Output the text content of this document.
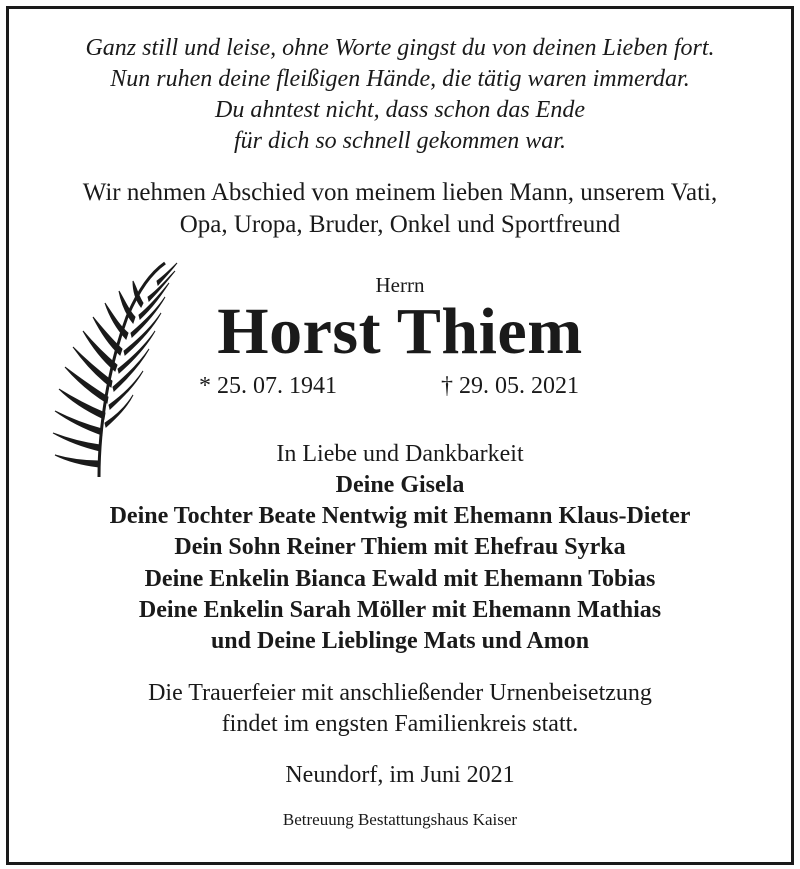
Ganz still und leise, ohne Worte gingst du von deinen Lieben fort.
Nun ruhen deine fleißigen Hände, die tätig waren immerdar.
Du ahntest nicht, dass schon das Ende
für dich so schnell gekommen war.
Wir nehmen Abschied von meinem lieben Mann, unserem Vati,
Opa, Uropa, Bruder, Onkel und Sportfreund
Herrn
Horst Thiem
* 25. 07. 1941	† 29. 05. 2021
In Liebe und Dankbarkeit
Deine Gisela
Deine Tochter Beate Nentwig mit Ehemann Klaus-Dieter
Dein Sohn Reiner Thiem mit Ehefrau Syrka
Deine Enkelin Bianca Ewald mit Ehemann Tobias
Deine Enkelin Sarah Möller mit Ehemann Mathias
und Deine Lieblinge Mats und Amon
Die Trauerfeier mit anschließender Urnenbeisetzung
findet im engsten Familienkreis statt.
Neundorf, im Juni 2021
Betreuung Bestattungshaus Kaiser
